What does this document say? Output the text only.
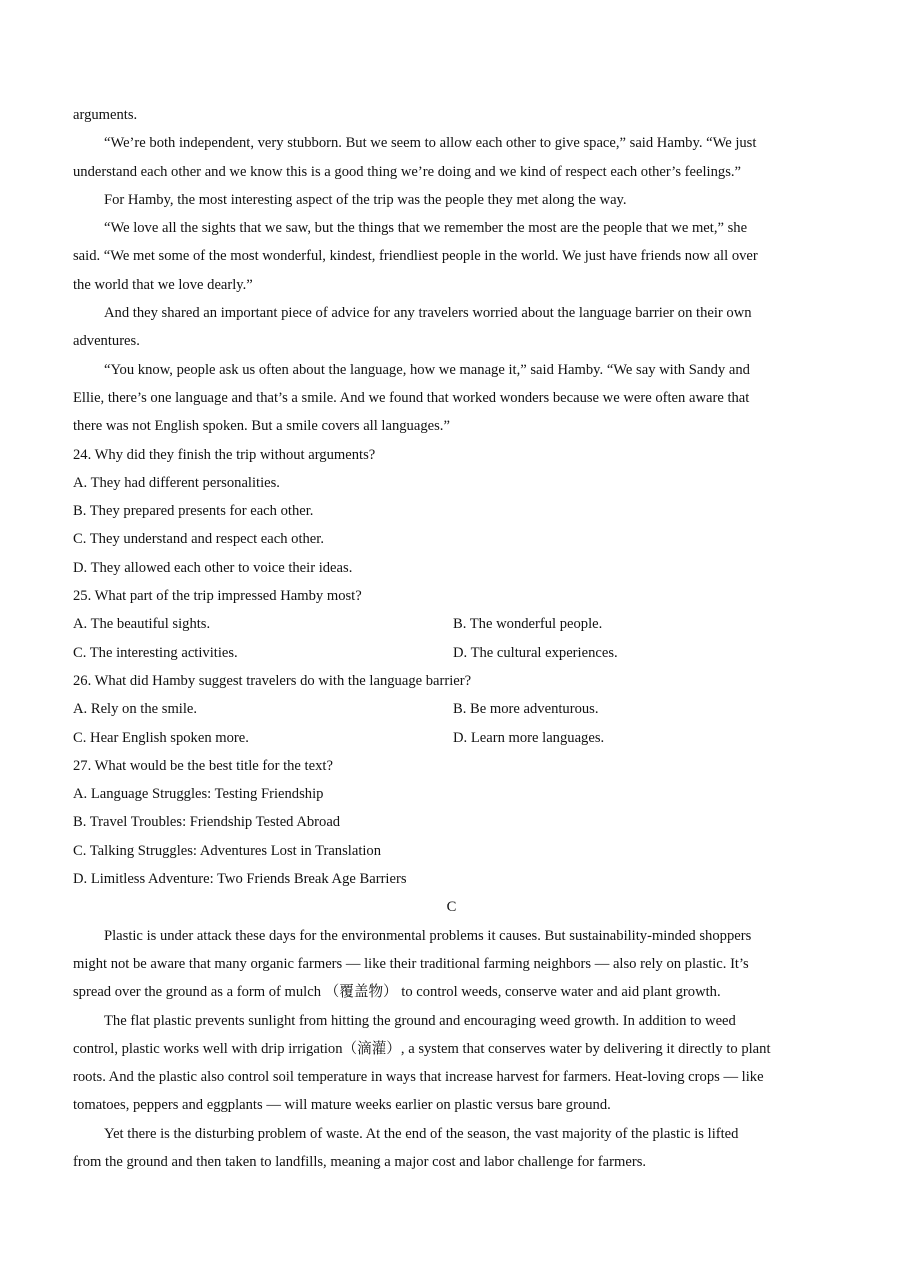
arguments.
“We’re both independent, very stubborn. But we seem to allow each other to give space,” said Hamby. “We just
understand each other and we know this is a good thing we’re doing and we kind of respect each other’s feelings.”
For Hamby, the most interesting aspect of the trip was the people they met along the way.
“We love all the sights that we saw, but the things that we remember the most are the people that we met,” she
said. “We met some of the most wonderful, kindest, friendliest people in the world. We just have friends now all over
the world that we love dearly.”
And they shared an important piece of advice for any travelers worried about the language barrier on their own
adventures.
“You know, people ask us often about the language, how we manage it,” said Hamby. “We say with Sandy and
Ellie, there’s one language and that’s a smile. And we found that worked wonders because we were often aware that
there was not English spoken. But a smile covers all languages.”
24. Why did they finish the trip without arguments?
A. They had different personalities.
B. They prepared presents for each other.
C. They understand and respect each other.
D. They allowed each other to voice their ideas.
25. What part of the trip impressed Hamby most?
A. The beautiful sights.	B. The wonderful people.
C. The interesting activities.	D. The cultural experiences.
26. What did Hamby suggest travelers do with the language barrier?
A. Rely on the smile.	B. Be more adventurous.
C. Hear English spoken more.	D. Learn more languages.
27. What would be the best title for the text?
A. Language Struggles: Testing Friendship
B. Travel Troubles: Friendship Tested Abroad
C. Talking Struggles: Adventures Lost in Translation
D. Limitless Adventure: Two Friends Break Age Barriers
C
Plastic is under attack these days for the environmental problems it causes. But sustainability-minded shoppers
might not be aware that many organic farmers — like their traditional farming neighbors — also rely on plastic. It’s
spread over the ground as a form of mulch （覆盖物） to control weeds, conserve water and aid plant growth.
The flat plastic prevents sunlight from hitting the ground and encouraging weed growth. In addition to weed
control, plastic works well with drip irrigation（滴灌）, a system that conserves water by delivering it directly to plant
roots. And the plastic also control soil temperature in ways that increase harvest for farmers. Heat-loving crops — like
tomatoes, peppers and eggplants — will mature weeks earlier on plastic versus bare ground.
Yet there is the disturbing problem of waste. At the end of the season, the vast majority of the plastic is lifted
from the ground and then taken to landfills, meaning a major cost and labor challenge for farmers.
